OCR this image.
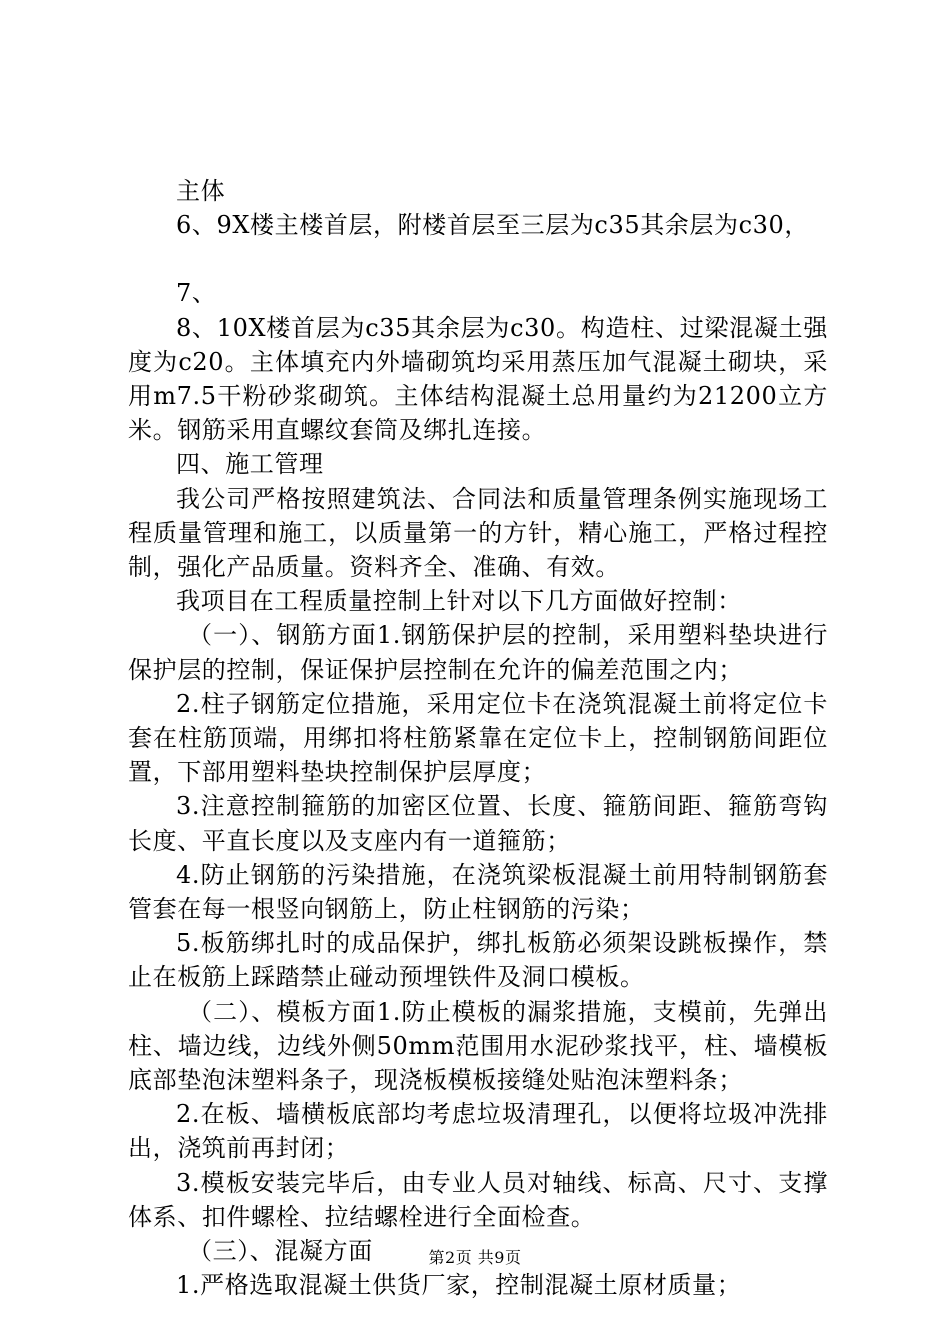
主体

6、9X楼主楼首层，附楼首层至三层为c35其余层为c30，

7、

8、10X楼首层为c35其余层为c30。构造柱、过梁混凝土强度为c20。主体填充内外墙砌筑均采用蒸压加气混凝土砌块，采用m7.5干粉砂浆砌筑。主体结构混凝土总用量约为21200立方米。钢筋采用直螺纹套筒及绑扎连接。

四、施工管理

我公司严格按照建筑法、合同法和质量管理条例实施现场工程质量管理和施工，以质量第一的方针，精心施工，严格过程控制，强化产品质量。资料齐全、准确、有效。

我项目在工程质量控制上针对以下几方面做好控制：

（一）、钢筋方面1.钢筋保护层的控制，采用塑料垫块进行保护层的控制，保证保护层控制在允许的偏差范围之内；

2.柱子钢筋定位措施，采用定位卡在浇筑混凝土前将定位卡套在柱筋顶端，用绑扣将柱筋紧靠在定位卡上，控制钢筋间距位置，下部用塑料垫块控制保护层厚度；

3.注意控制箍筋的加密区位置、长度、箍筋间距、箍筋弯钩长度、平直长度以及支座内有一道箍筋；

4.防止钢筋的污染措施，在浇筑梁板混凝土前用特制钢筋套管套在每一根竖向钢筋上，防止柱钢筋的污染；

5.板筋绑扎时的成品保护，绑扎板筋必须架设跳板操作，禁止在板筋上踩踏禁止碰动预埋铁件及洞口模板。

（二）、模板方面1.防止模板的漏浆措施，支模前，先弹出柱、墙边线，边线外侧50mm范围用水泥砂浆找平，柱、墙模板底部垫泡沫塑料条子，现浇板模板接缝处贴泡沫塑料条；

2.在板、墙横板底部均考虑垃圾清理孔，以便将垃圾冲洗排出，浇筑前再封闭；

3.模板安装完毕后，由专业人员对轴线、标高、尺寸、支撑体系、扣件螺栓、拉结螺栓进行全面检查。

（三）、混凝方面

1.严格选取混凝土供货厂家，控制混凝土原材质量；

第2页 共9页
